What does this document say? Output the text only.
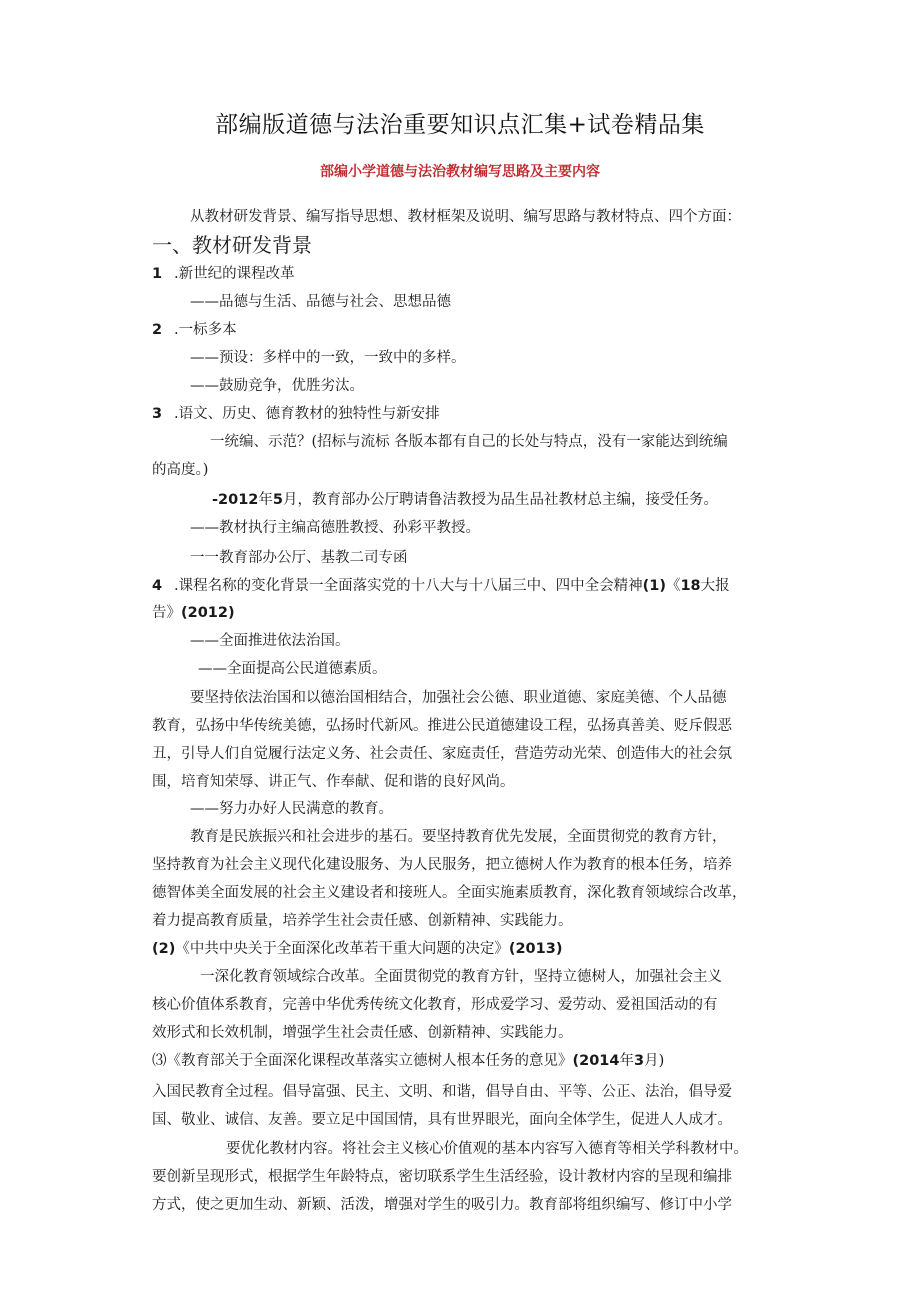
部编版道德与法治重要知识点汇集+试卷精品集
部编小学道德与法治教材编写思路及主要内容
从教材研发背景、编写指导思想、教材框架及说明、编写思路与教材特点、四个方面：
一、教材研发背景
1 .新世纪的课程改革
——品德与生活、品德与社会、思想品德
2 .一标多本
——预设：多样中的一致，一致中的多样。
——鼓励竞争，优胜劣汰。
3 .语文、历史、德育教材的独特性与新安排
一统编、示范？(招标与流标 各版本都有自己的长处与特点，没有一家能达到统编
的高度。)
-2012年5月，教育部办公厅聘请鲁洁教授为品生品社教材总主编，接受任务。
——教材执行主编高德胜教授、孙彩平教授。
一一教育部办公厅、基教二司专函
4 .课程名称的变化背景一全面落实党的十八大与十八届三中、四中全会精神(1)《18大报
告》(2012)
——全面推进依法治国。
——全面提高公民道德素质。
要坚持依法治国和以德治国相结合，加强社会公德、职业道德、家庭美德、个人品德
教育，弘扬中华传统美德，弘扬时代新风。推进公民道德建设工程，弘扬真善美、贬斥假恶
丑，引导人们自觉履行法定义务、社会责任、家庭责任，营造劳动光荣、创造伟大的社会氛
围，培育知荣辱、讲正气、作奉献、促和谐的良好风尚。
——努力办好人民满意的教育。
教育是民族振兴和社会进步的基石。要坚持教育优先发展，全面贯彻党的教育方针，
坚持教育为社会主义现代化建设服务、为人民服务，把立德树人作为教育的根本任务，培养
德智体美全面发展的社会主义建设者和接班人。全面实施素质教育，深化教育领域综合改革，
着力提高教育质量，培养学生社会责任感、创新精神、实践能力。
(2)《中共中央关于全面深化改革若干重大问题的决定》(2013)
一深化教育领域综合改革。全面贯彻党的教育方针，坚持立德树人，加强社会主义
核心价值体系教育，完善中华优秀传统文化教育，形成爱学习、爱劳动、爱祖国活动的有
效形式和长效机制，增强学生社会责任感、创新精神、实践能力。
⑶《教育部关于全面深化课程改革落实立德树人根本任务的意见》(2014年3月)
入国民教育全过程。倡导富强、民主、文明、和谐，倡导自由、平等、公正、法治，倡导爱
国、敬业、诚信、友善。要立足中国国情，具有世界眼光，面向全体学生，促进人人成才。
要优化教材内容。将社会主义核心价值观的基本内容写入德育等相关学科教材中。
要创新呈现形式，根据学生年龄特点，密切联系学生生活经验，设计教材内容的呈现和编排
方式，使之更加生动、新颖、活泼，增强对学生的吸引力。教育部将组织编写、修订中小学
